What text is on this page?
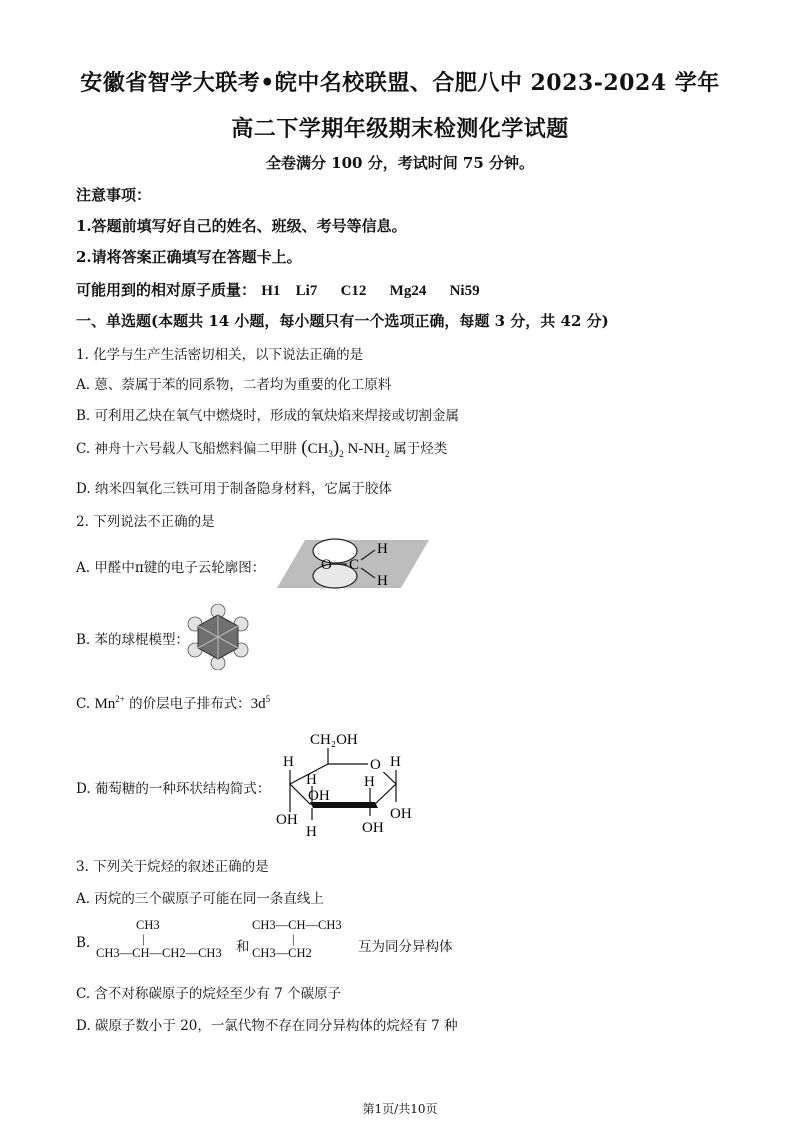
安徽省智学大联考•皖中名校联盟、合肥八中 2023-2024 学年
高二下学期年级期末检测化学试题
全卷满分 100 分，考试时间 75 分钟。
注意事项：
1.答题前填写好自己的姓名、班级、考号等信息。
2.请将答案正确填写在答题卡上。
可能用到的相对原子质量： H1 Li7 C12 Mg24 Ni59
一、单选题(本题共 14 小题，每小题只有一个选项正确，每题 3 分，共 42 分)
1. 化学与生产生活密切相关，以下说法正确的是
A. 蒽、萘属于苯的同系物，二者均为重要的化工原料
B. 可利用乙炔在氧气中燃烧时，形成的氧炔焰来焊接或切割金属
C. 神舟十六号载人飞船燃料偏二甲肼 $(CH_3)_2$ $N-NH_2$ 属于烃类
D. 纳米四氧化三铁可用于制备隐身材料，它属于胶体
2. 下列说法不正确的是
A. 甲醛中π键的电子云轮廓图：	O C
H
H
B. 苯的球棍模型：
C. $Mn^{2+}$ 的价层电子排布式：$3d^5$
D. 葡萄糖的一种环状结构简式：
CH₂OH
O
H
OH
H
OH
H
H
H
OH
OH
3. 下列关于烷烃的叙述正确的是
A. 丙烷的三个碳原子可能在同一条直线上
B.
CH3
|
CH3—CH—CH2—CH3 和
CH3—CH—CH3
|
CH3—CH2	互为同分异构体
C. 含不对称碳原子的烷烃至少有 7 个碳原子
D. 碳原子数小于 20，一氯代物不存在同分异构体的烷烃有 7 种
第1页/共10页
